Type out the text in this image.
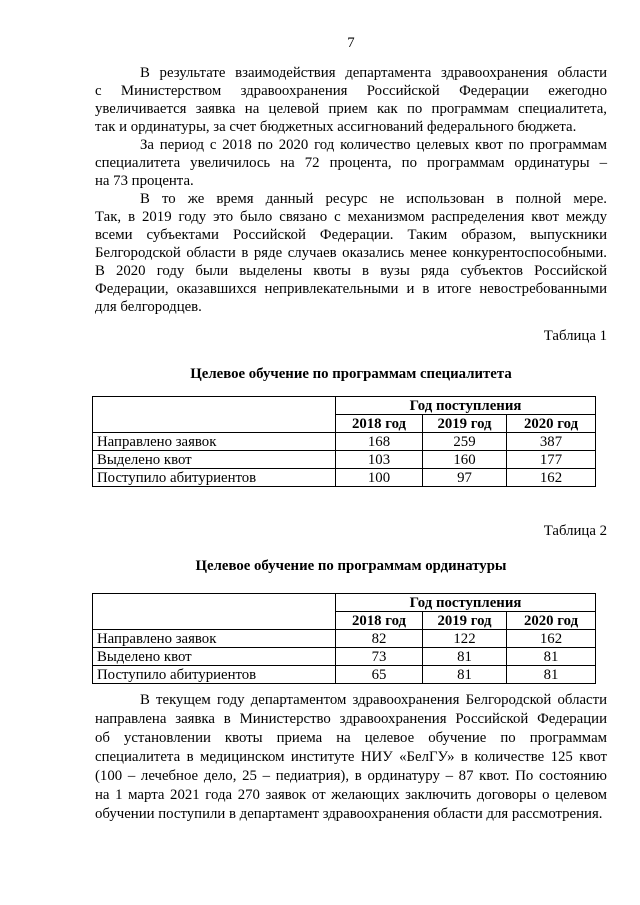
7
В результате взаимодействия департамента здравоохранения области
с Министерством здравоохранения Российской Федерации ежегодно
увеличивается заявка на целевой прием как по программам специалитета,
так и ординатуры, за счет бюджетных ассигнований федерального бюджета.
За период с 2018 по 2020 год количество целевых квот по программам
специалитета увеличилось на 72 процента, по программам ординатуры –
на 73 процента.
В то же время данный ресурс не использован в полной мере.
Так, в 2019 году это было связано с механизмом распределения квот между
всеми субъектами Российской Федерации. Таким образом, выпускники
Белгородской области в ряде случаев оказались менее конкурентоспособными.
В 2020 году были выделены квоты в вузы ряда субъектов Российской
Федерации, оказавшихся непривлекательными и в итоге невостребованными
для белгородцев.
Таблица 1
Целевое обучение по программам специалитета
	Год поступления		
	2018 год	2019 год	2020 год
Направлено заявок	168	259	387
Выделено квот	103	160	177
Поступило абитуриентов	100	97	162
Таблица 2
Целевое обучение по программам ординатуры
	Год поступления		
	2018 год	2019 год	2020 год
Направлено заявок	82	122	162
Выделено квот	73	81	81
Поступило абитуриентов	65	81	81
В текущем году департаментом здравоохранения Белгородской области
направлена заявка в Министерство здравоохранения Российской Федерации
об установлении квоты приема на целевое обучение по программам
специалитета в медицинском институте НИУ «БелГУ» в количестве 125 квот
(100 – лечебное дело, 25 – педиатрия), в ординатуру – 87 квот. По состоянию
на 1 марта 2021 года 270 заявок от желающих заключить договоры о целевом
обучении поступили в департамент здравоохранения области для рассмотрения.
